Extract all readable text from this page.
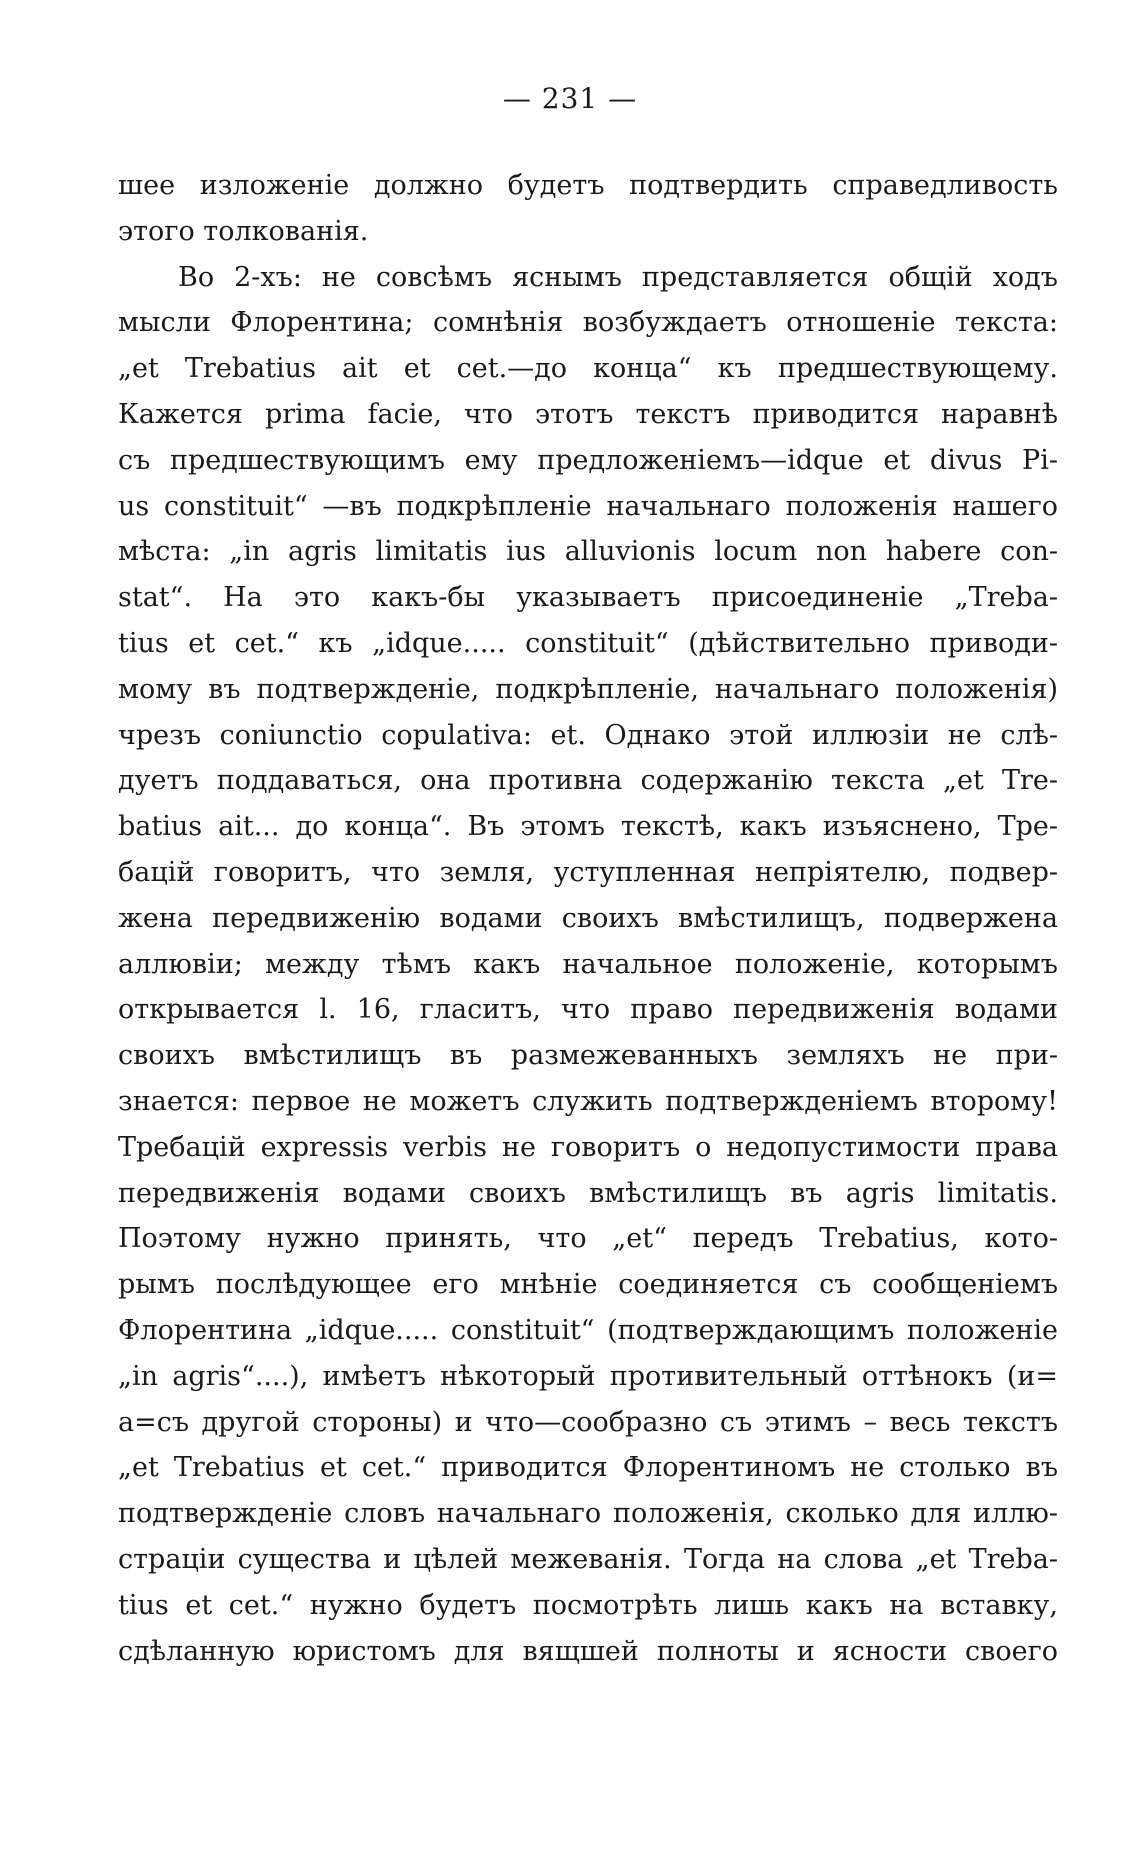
— 231 —
шее изложенie должно будетъ подтвердить справедливость
этого толкованiя.
Во 2-хъ: не совсѣмъ яснымъ представляется общiй ходъ
мысли Флорентина; сомнѣнiя возбуждаетъ отношенiе текста:
„et Trebatius ait et cet.—до конца“ къ предшествующему.
Кажется prima facie, что этотъ текстъ приводится наравнѣ
съ предшествующимъ ему предложенiемъ—idque et divus Pi-
us constituit“ —въ подкрѣпленiе начальнаго положенiя нашего
мѣста: „in agris limitatis ius alluvionis locum non habere con-
stat“. На это какъ-бы указываетъ присоединенiе „Treba-
tius et cet.“ къ „idque..... constituit“ (дѣйствительно приводи-
мому въ подтвержденiе, подкрѣпленiе, начальнаго положенiя)
чрезъ coniunctio copulativa: et. Однако этой иллюзiи не слѣ-
дуетъ поддаваться, она противна содержанiю текста „et Tre-
batius ait... до конца“. Въ этомъ текстѣ, какъ изъяснено, Тре-
бацiй говоритъ, что земля, уступленная непрiятелю, подвер-
жена передвиженiю водами своихъ вмѣстилищъ, подвержена
аллювiи; между тѣмъ какъ начальное положенiе, которымъ
открывается l. 16, гласитъ, что право передвиженiя водами
своихъ вмѣстилищъ въ размежеванныхъ земляхъ не при-
знается: первое не можетъ служить подтвержденiемъ второму!
Требацiй expressis verbis не говоритъ о недопустимости права
передвиженiя водами своихъ вмѣстилищъ въ agris limitatis.
Поэтому нужно принять, что „et“ передъ Trebatius, кото-
рымъ послѣдующее его мнѣнiе соединяется съ сообщенiемъ
Флорентина „idque..... constituit“ (подтверждающимъ положенiе
„in agris“....), имѣетъ нѣкоторый противительный оттѣнокъ (и=
а=съ другой стороны) и что—сообразно съ этимъ – весь текстъ
„et Trebatius et cet.“ приводится Флорентиномъ не столько въ
подтвержденiе словъ начальнаго положенiя, сколько для иллю-
страцiи существа и цѣлей межеванiя. Тогда на слова „et Treba-
tius et cet.“ нужно будетъ посмотрѣть лишь какъ на вставку,
сдѣланную юристомъ для вящшей полноты и ясности своего
